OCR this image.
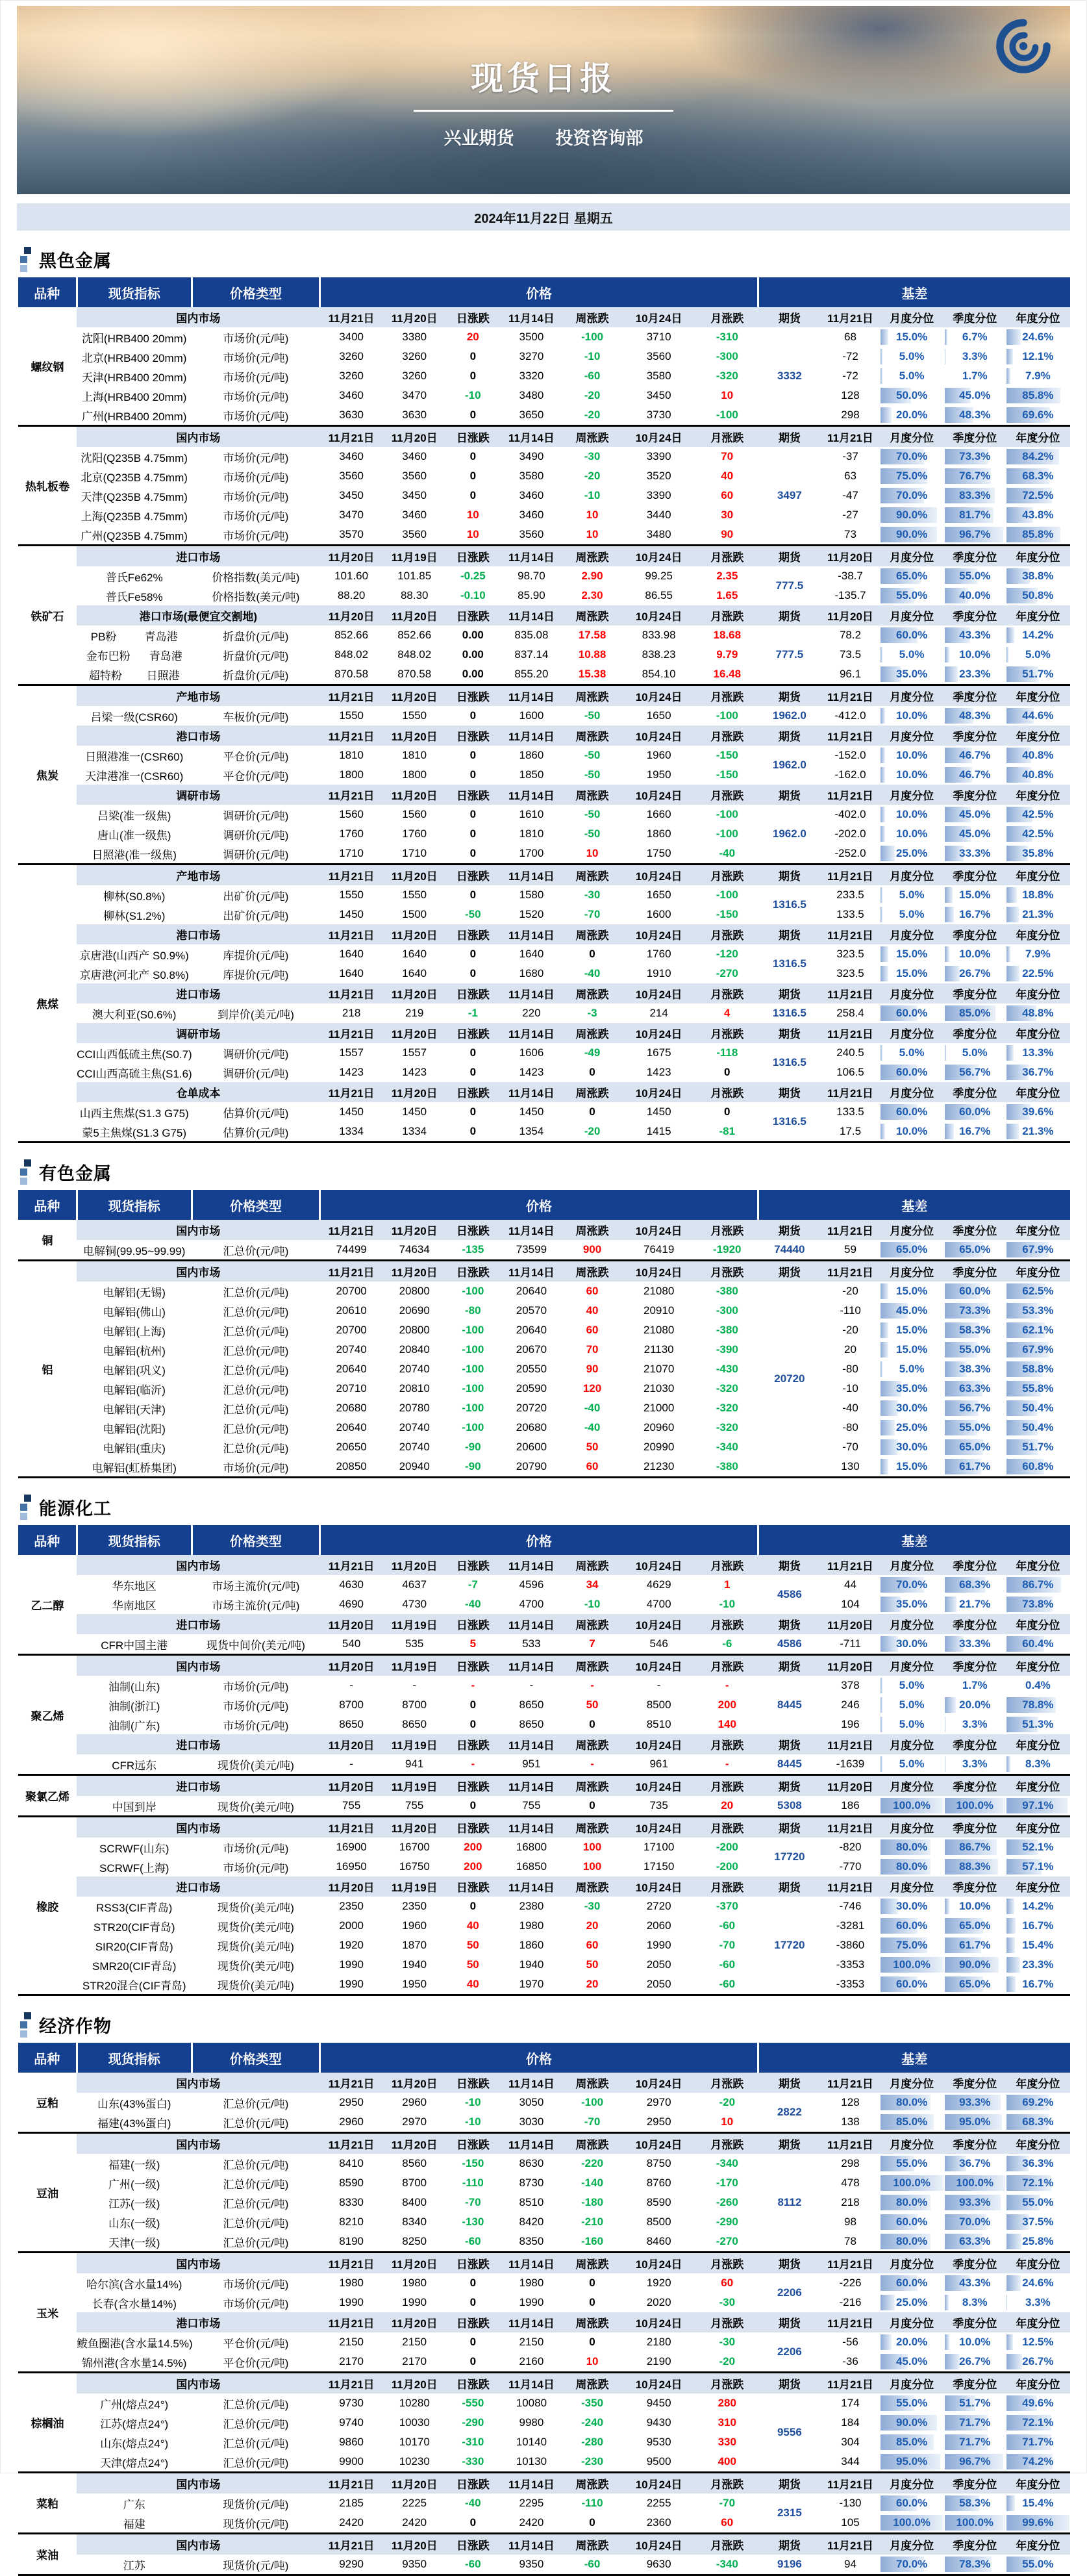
现货日报
兴业期货 投资咨询部
2024年11月22日 星期五
黑色金属
品种	现货指标	价格类型	价格							基差				
螺纹钢	国内市场		11月21日	11月20日	日涨跌	11月14日	周涨跌	10月24日	月涨跌	期货	11月21日	月度分位	季度分位	年度分位
	沈阳(HRB400 20mm)	市场价(元/吨)	3400	3380	20	3500	-100	3710	-310	3332	68	15.0%	6.7%	24.6%
	北京(HRB400 20mm)	市场价(元/吨)	3260	3260	0	3270	-10	3560	-300		-72	5.0%	3.3%	12.1%
	天津(HRB400 20mm)	市场价(元/吨)	3260	3260	0	3320	-60	3580	-320		-72	5.0%	1.7%	7.9%
	上海(HRB400 20mm)	市场价(元/吨)	3460	3470	-10	3480	-20	3450	10		128	50.0%	45.0%	85.8%
	广州(HRB400 20mm)	市场价(元/吨)	3630	3630	0	3650	-20	3730	-100		298	20.0%	48.3%	69.6%
热轧板卷	国内市场		11月21日	11月20日	日涨跌	11月14日	周涨跌	10月24日	月涨跌	期货	11月21日	月度分位	季度分位	年度分位
	沈阳(Q235B 4.75mm)	市场价(元/吨)	3460	3460	0	3490	-30	3390	70	3497	-37	70.0%	73.3%	84.2%
	北京(Q235B 4.75mm)	市场价(元/吨)	3560	3560	0	3580	-20	3520	40		63	75.0%	76.7%	68.3%
	天津(Q235B 4.75mm)	市场价(元/吨)	3450	3450	0	3460	-10	3390	60		-47	70.0%	83.3%	72.5%
	上海(Q235B 4.75mm)	市场价(元/吨)	3470	3460	10	3460	10	3440	30		-27	90.0%	81.7%	43.8%
	广州(Q235B 4.75mm)	市场价(元/吨)	3570	3560	10	3560	10	3480	90		73	90.0%	96.7%	85.8%
铁矿石	进口市场		11月20日	11月19日	日涨跌	11月14日	周涨跌	10月24日	月涨跌	期货	11月20日	月度分位	季度分位	年度分位
	普氏Fe62%	价格指数(美元/吨)	101.60	101.85	-0.25	98.70	2.90	99.25	2.35	777.5	-38.7	65.0%	55.0%	38.8%
	普氏Fe58%	价格指数(美元/吨)	88.20	88.30	-0.10	85.90	2.30	86.55	1.65		-135.7	55.0%	40.0%	50.8%
	港口市场(最便宜交割地)		11月20日	11月20日	日涨跌	11月14日	周涨跌	10月24日	月涨跌	期货	11月20日	月度分位	季度分位	年度分位

	PB粉 青岛港	折盘价(元/吨)	852.66	852.66	0.00	835.08	17.58	833.98	18.68	777.5	78.2	60.0%	43.3%	14.2%

	金布巴粉 青岛港	折盘价(元/吨)	848.02	848.02	0.00	837.14	10.88	838.23	9.79		73.5	5.0%	10.0%	5.0%

	超特粉 日照港	折盘价(元/吨)	870.58	870.58	0.00	855.20	15.38	854.10	16.48		96.1	35.0%	23.3%	51.7%
焦炭	产地市场		11月21日	11月20日	日涨跌	11月14日	周涨跌	10月24日	月涨跌	期货	11月21日	月度分位	季度分位	年度分位
	吕梁一级(CSR60)	车板价(元/吨)	1550	1550	0	1600	-50	1650	-100	1962.0	-412.0	10.0%	48.3%	44.6%
	港口市场		11月21日	11月20日	日涨跌	11月14日	周涨跌	10月24日	月涨跌	期货	11月21日	月度分位	季度分位	年度分位
	日照港准一(CSR60)	平仓价(元/吨)	1810	1810	0	1860	-50	1960	-150	1962.0	-152.0	10.0%	46.7%	40.8%
	天津港准一(CSR60)	平仓价(元/吨)	1800	1800	0	1850	-50	1950	-150		-162.0	10.0%	46.7%	40.8%
	调研市场		11月21日	11月20日	日涨跌	11月14日	周涨跌	10月24日	月涨跌	期货	11月21日	月度分位	季度分位	年度分位
	吕梁(准一级焦)	调研价(元/吨)	1560	1560	0	1610	-50	1660	-100	1962.0	-402.0	10.0%	45.0%	42.5%
	唐山(准一级焦)	调研价(元/吨)	1760	1760	0	1810	-50	1860	-100		-202.0	10.0%	45.0%	42.5%
	日照港(准一级焦)	调研价(元/吨)	1710	1710	0	1700	10	1750	-40		-252.0	25.0%	33.3%	35.8%
焦煤	产地市场		11月21日	11月20日	日涨跌	11月14日	周涨跌	10月24日	月涨跌	期货	11月21日	月度分位	季度分位	年度分位
	柳林(S0.8%)	出矿价(元/吨)	1550	1550	0	1580	-30	1650	-100	1316.5	233.5	5.0%	15.0%	18.8%
	柳林(S1.2%)	出矿价(元/吨)	1450	1500	-50	1520	-70	1600	-150		133.5	5.0%	16.7%	21.3%
	港口市场		11月21日	11月20日	日涨跌	11月14日	周涨跌	10月24日	月涨跌	期货	11月21日	月度分位	季度分位	年度分位
	京唐港(山西产 S0.9%)	库提价(元/吨)	1640	1640	0	1640	0	1760	-120	1316.5	323.5	15.0%	10.0%	7.9%
	京唐港(河北产 S0.8%)	库提价(元/吨)	1640	1640	0	1680	-40	1910	-270		323.5	15.0%	26.7%	22.5%
	进口市场		11月21日	11月20日	日涨跌	11月14日	周涨跌	10月24日	月涨跌	期货	11月21日	月度分位	季度分位	年度分位
	澳大利亚(S0.6%)	到岸价(美元/吨)	218	219	-1	220	-3	214	4	1316.5	258.4	60.0%	85.0%	48.8%
	调研市场		11月21日	11月20日	日涨跌	11月14日	周涨跌	10月24日	月涨跌	期货	11月21日	月度分位	季度分位	年度分位
	CCI山西低硫主焦(S0.7)	调研价(元/吨)	1557	1557	0	1606	-49	1675	-118	1316.5	240.5	5.0%	5.0%	13.3%
	CCI山西高硫主焦(S1.6)	调研价(元/吨)	1423	1423	0	1423	0	1423	0		106.5	60.0%	56.7%	36.7%
	仓单成本		11月21日	11月20日	日涨跌	11月14日	周涨跌	10月24日	月涨跌	期货	11月21日	月度分位	季度分位	年度分位
	山西主焦煤(S1.3 G75)	估算价(元/吨)	1450	1450	0	1450	0	1450	0	1316.5	133.5	60.0%	60.0%	39.6%
	蒙5主焦煤(S1.3 G75)	估算价(元/吨)	1334	1334	0	1354	-20	1415	-81		17.5	10.0%	16.7%	21.3%
有色金属
品种	现货指标	价格类型	价格							基差				
铜	国内市场		11月21日	11月20日	日涨跌	11月14日	周涨跌	10月24日	月涨跌	期货	11月21日	月度分位	季度分位	年度分位
	电解铜(99.95~99.99)	汇总价(元/吨)	74499	74634	-135	73599	900	76419	-1920	74440	59	65.0%	65.0%	67.9%
铝	国内市场		11月21日	11月20日	日涨跌	11月14日	周涨跌	10月24日	月涨跌	期货	11月21日	月度分位	季度分位	年度分位
	电解铝(无锡)	汇总价(元/吨)	20700	20800	-100	20640	60	21080	-380	20720	-20	15.0%	60.0%	62.5%
	电解铝(佛山)	汇总价(元/吨)	20610	20690	-80	20570	40	20910	-300		-110	45.0%	73.3%	53.3%
	电解铝(上海)	汇总价(元/吨)	20700	20800	-100	20640	60	21080	-380		-20	15.0%	58.3%	62.1%
	电解铝(杭州)	汇总价(元/吨)	20740	20840	-100	20670	70	21130	-390		20	15.0%	55.0%	67.9%
	电解铝(巩义)	汇总价(元/吨)	20640	20740	-100	20550	90	21070	-430		-80	5.0%	38.3%	58.8%
	电解铝(临沂)	汇总价(元/吨)	20710	20810	-100	20590	120	21030	-320		-10	35.0%	63.3%	55.8%
	电解铝(天津)	汇总价(元/吨)	20680	20780	-100	20720	-40	21000	-320		-40	30.0%	56.7%	50.4%
	电解铝(沈阳)	汇总价(元/吨)	20640	20740	-100	20680	-40	20960	-320		-80	25.0%	55.0%	50.4%
	电解铝(重庆)	汇总价(元/吨)	20650	20740	-90	20600	50	20990	-340		-70	30.0%	65.0%	51.7%
	电解铝(虹桥集团)	市场价(元/吨)	20850	20940	-90	20790	60	21230	-380		130	15.0%	61.7%	60.8%
能源化工
品种	现货指标	价格类型	价格							基差				
乙二醇	国内市场		11月21日	11月20日	日涨跌	11月14日	周涨跌	10月24日	月涨跌	期货	11月21日	月度分位	季度分位	年度分位
	华东地区	市场主流价(元/吨)	4630	4637	-7	4596	34	4629	1	4586	44	70.0%	68.3%	86.7%
	华南地区	市场主流价(元/吨)	4690	4730	-40	4700	-10	4700	-10		104	35.0%	21.7%	73.8%
	进口市场		11月20日	11月19日	日涨跌	11月14日	周涨跌	10月24日	月涨跌	期货	11月20日	月度分位	季度分位	年度分位
	CFR中国主港	现货中间价(美元/吨)	540	535	5	533	7	546	-6	4586	-711	30.0%	33.3%	60.4%
聚乙烯	国内市场		11月20日	11月19日	日涨跌	11月14日	周涨跌	10月24日	月涨跌	期货	11月20日	月度分位	季度分位	年度分位
	油制(山东)	市场价(元/吨)	-	-	-	-	-	-	-	8445	378	5.0%	1.7%	0.4%
	油制(浙江)	市场价(元/吨)	8700	8700	0	8650	50	8500	200		246	5.0%	20.0%	78.8%
	油制(广东)	市场价(元/吨)	8650	8650	0	8650	0	8510	140		196	5.0%	3.3%	51.3%
	进口市场		11月20日	11月19日	日涨跌	11月14日	周涨跌	10月24日	月涨跌	期货	11月21日	月度分位	季度分位	年度分位
	CFR远东	现货价(美元/吨)	-	941	-	951	-	961	-	8445	-1639	5.0%	3.3%	8.3%
聚氯乙烯	进口市场		11月20日	11月19日	日涨跌	11月14日	周涨跌	10月24日	月涨跌	期货	11月20日	月度分位	季度分位	年度分位
	中国到岸	现货价(美元/吨)	755	755	0	755	0	735	20	5308	186	100.0%	100.0%	97.1%
橡胶	国内市场		11月21日	11月20日	日涨跌	11月14日	周涨跌	10月24日	月涨跌	期货	11月21日	月度分位	季度分位	年度分位
	SCRWF(山东)	市场价(元/吨)	16900	16700	200	16800	100	17100	-200	17720	-820	80.0%	86.7%	52.1%
	SCRWF(上海)	市场价(元/吨)	16950	16750	200	16850	100	17150	-200		-770	80.0%	88.3%	57.1%
	进口市场		11月20日	11月19日	日涨跌	11月14日	周涨跌	10月24日	月涨跌	期货	11月21日	月度分位	季度分位	年度分位
	RSS3(CIF青岛)	现货价(美元/吨)	2350	2350	0	2380	-30	2720	-370	17720	-746	30.0%	10.0%	14.2%
	STR20(CIF青岛)	现货价(美元/吨)	2000	1960	40	1980	20	2060	-60		-3281	60.0%	65.0%	16.7%
	SIR20(CIF青岛)	现货价(美元/吨)	1920	1870	50	1860	60	1990	-70		-3860	75.0%	61.7%	15.4%
	SMR20(CIF青岛)	现货价(美元/吨)	1990	1940	50	1940	50	2050	-60		-3353	100.0%	90.0%	23.3%
	STR20混合(CIF青岛)	现货价(美元/吨)	1990	1950	40	1970	20	2050	-60		-3353	60.0%	65.0%	16.7%
经济作物
品种	现货指标	价格类型	价格							基差				
豆粕	国内市场		11月21日	11月20日	日涨跌	11月14日	周涨跌	10月24日	月涨跌	期货	11月21日	月度分位	季度分位	年度分位
	山东(43%蛋白)	汇总价(元/吨)	2950	2960	-10	3050	-100	2970	-20	2822	128	80.0%	93.3%	69.2%
	福建(43%蛋白)	汇总价(元/吨)	2960	2970	-10	3030	-70	2950	10		138	85.0%	95.0%	68.3%
豆油	国内市场		11月21日	11月20日	日涨跌	11月14日	周涨跌	10月24日	月涨跌	期货	11月21日	月度分位	季度分位	年度分位
	福建(一级)	汇总价(元/吨)	8410	8560	-150	8630	-220	8750	-340	8112	298	55.0%	36.7%	36.3%
	广州(一级)	汇总价(元/吨)	8590	8700	-110	8730	-140	8760	-170		478	100.0%	100.0%	72.1%
	江苏(一级)	汇总价(元/吨)	8330	8400	-70	8510	-180	8590	-260		218	80.0%	93.3%	55.0%
	山东(一级)	汇总价(元/吨)	8210	8340	-130	8420	-210	8500	-290		98	60.0%	70.0%	37.5%
	天津(一级)	汇总价(元/吨)	8190	8250	-60	8350	-160	8460	-270		78	80.0%	63.3%	25.8%
玉米	国内市场		11月21日	11月20日	日涨跌	11月14日	周涨跌	10月24日	月涨跌	期货	11月21日	月度分位	季度分位	年度分位
	哈尔滨(含水量14%)	市场价(元/吨)	1980	1980	0	1980	0	1920	60	2206	-226	60.0%	43.3%	24.6%
	长春(含水量14%)	市场价(元/吨)	1990	1990	0	1990	0	2020	-30		-216	25.0%	8.3%	3.3%
	港口市场		11月21日	11月20日	日涨跌	11月14日	周涨跌	10月24日	月涨跌	期货	11月21日	月度分位	季度分位	年度分位
	鲅鱼圈港(含水量14.5%)	平仓价(元/吨)	2150	2150	0	2150	0	2180	-30	2206	-56	20.0%	10.0%	12.5%
	锦州港(含水量14.5%)	平仓价(元/吨)	2170	2170	0	2160	10	2190	-20		-36	45.0%	26.7%	26.7%
棕榈油	国内市场		11月21日	11月20日	日涨跌	11月14日	周涨跌	10月24日	月涨跌	期货	11月21日	月度分位	季度分位	年度分位
	广州(熔点24°)	汇总价(元/吨)	9730	10280	-550	10080	-350	9450	280	9556	174	55.0%	51.7%	49.6%
	江苏(熔点24°)	汇总价(元/吨)	9740	10030	-290	9980	-240	9430	310		184	90.0%	71.7%	72.1%
	山东(熔点24°)	汇总价(元/吨)	9860	10170	-310	10140	-280	9530	330		304	85.0%	71.7%	71.7%
	天津(熔点24°)	汇总价(元/吨)	9900	10230	-330	10130	-230	9500	400		344	95.0%	96.7%	74.2%
菜粕	国内市场		11月21日	11月20日	日涨跌	11月14日	周涨跌	10月24日	月涨跌	期货	11月21日	月度分位	季度分位	年度分位
	广东	现货价(元/吨)	2185	2225	-40	2295	-110	2255	-70	2315	-130	60.0%	58.3%	15.4%
	福建	现货价(元/吨)	2420	2420	0	2420	0	2360	60		105	100.0%	100.0%	99.6%
菜油	国内市场		11月21日	11月20日	日涨跌	11月14日	周涨跌	10月24日	月涨跌	期货	11月21日	月度分位	季度分位	年度分位
	江苏	现货价(元/吨)	9290	9350	-60	9350	-60	9630	-340	9196	94	70.0%	78.3%	55.0%
